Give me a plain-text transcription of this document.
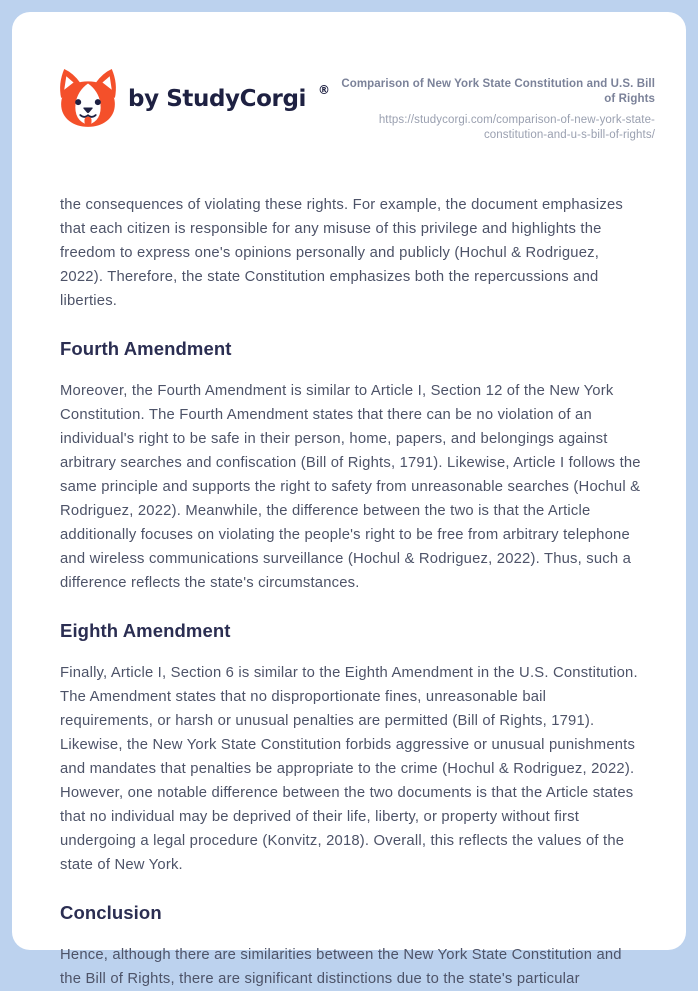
by StudyCorgi ® Comparison of New York State Constitution and U.S. Bill of Rights
https://studycorgi.com/comparison-of-new-york-state-constitution-and-u-s-bill-of-rights/

the consequences of violating these rights. For example, the document emphasizes that each citizen is responsible for any misuse of this privilege and highlights the freedom to express one's opinions personally and publicly (Hochul & Rodriguez, 2022). Therefore, the state Constitution emphasizes both the repercussions and liberties.

Fourth Amendment

Moreover, the Fourth Amendment is similar to Article I, Section 12 of the New York Constitution. The Fourth Amendment states that there can be no violation of an individual's right to be safe in their person, home, papers, and belongings against arbitrary searches and confiscation (Bill of Rights, 1791). Likewise, Article I follows the same principle and supports the right to safety from unreasonable searches (Hochul & Rodriguez, 2022). Meanwhile, the difference between the two is that the Article additionally focuses on violating the people's right to be free from arbitrary telephone and wireless communications surveillance (Hochul & Rodriguez, 2022). Thus, such a difference reflects the state's circumstances.

Eighth Amendment

Finally, Article I, Section 6 is similar to the Eighth Amendment in the U.S. Constitution. The Amendment states that no disproportionate fines, unreasonable bail requirements, or harsh or unusual penalties are permitted (Bill of Rights, 1791). Likewise, the New York State Constitution forbids aggressive or unusual punishments and mandates that penalties be appropriate to the crime (Hochul & Rodriguez, 2022). However, one notable difference between the two documents is that the Article states that no individual may be deprived of their life, liberty, or property without first undergoing a legal procedure (Konvitz, 2018). Overall, this reflects the values of the state of New York.

Conclusion

Hence, although there are similarities between the New York State Constitution and the Bill of Rights, there are significant distinctions due to the state's particular
